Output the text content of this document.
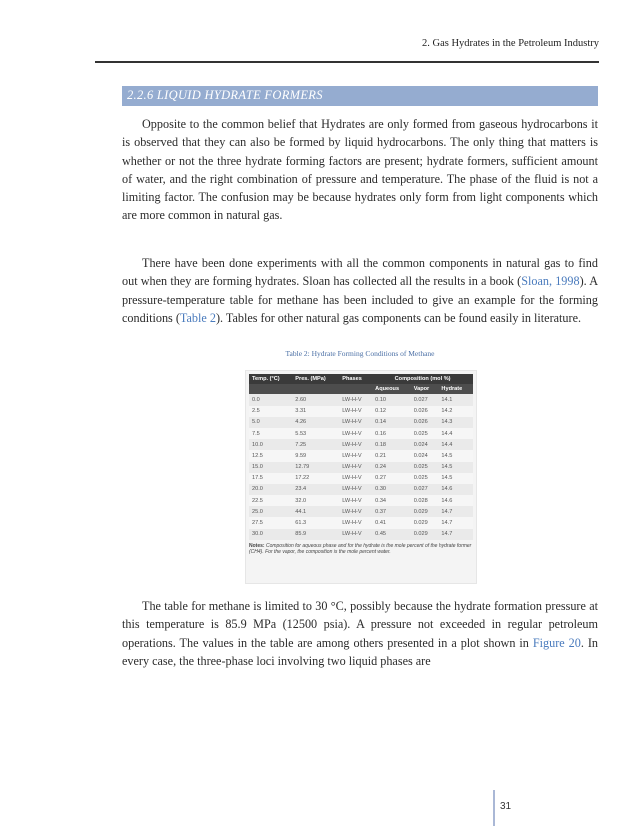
2. Gas Hydrates in the Petroleum Industry
2.2.6 LIQUID HYDRATE FORMERS

Opposite to the common belief that Hydrates are only formed from gaseous hydrocarbons it is observed that they can also be formed by liquid hydrocarbons. The only thing that matters is whether or not the three hydrate forming factors are present; hydrate formers, sufficient amount of water, and the right combination of pressure and temperature. The phase of the fluid is not a limiting factor. The confusion may be because hydrates only form from light components which are more common in natural gas.

There have been done experiments with all the common components in natural gas to find out when they are forming hydrates. Sloan has collected all the results in a book (Sloan, 1998). A pressure-temperature table for methane has been included to give an example for the forming conditions (Table 2). Tables for other natural gas components can be found easily in literature.

Table 2: Hydrate Forming Conditions of Methane
Temp. (°C)	Pres. (MPa)	Phases	Composition (mol %)		
			Aqueous	Vapor	Hydrate
0.0	2.60	LW-H-V	0.10	0.027	14.1
2.5	3.31	LW-H-V	0.12	0.026	14.2
5.0	4.26	LW-H-V	0.14	0.026	14.3
7.5	5.53	LW-H-V	0.16	0.025	14.4
10.0	7.25	LW-H-V	0.18	0.024	14.4
12.5	9.59	LW-H-V	0.21	0.024	14.5
15.0	12.79	LW-H-V	0.24	0.025	14.5
17.5	17.22	LW-H-V	0.27	0.025	14.5
20.0	23.4	LW-H-V	0.30	0.027	14.6
22.5	32.0	LW-H-V	0.34	0.028	14.6
25.0	44.1	LW-H-V	0.37	0.029	14.7
27.5	61.3	LW-H-V	0.41	0.029	14.7
30.0	85.9	LW-H-V	0.45	0.029	14.7
Notes: Composition for aqueous phase and for the hydrate is the mole percent of the hydrate former (CH4). For the vapor, the composition is the mole percent water.

The table for methane is limited to 30 °C, possibly because the hydrate formation pressure at this temperature is 85.9 MPa (12500 psia). A pressure not exceeded in regular petroleum operations. The values in the table are among others presented in a plot shown in Figure 20. In every case, the three-phase loci involving two liquid phases are

31
